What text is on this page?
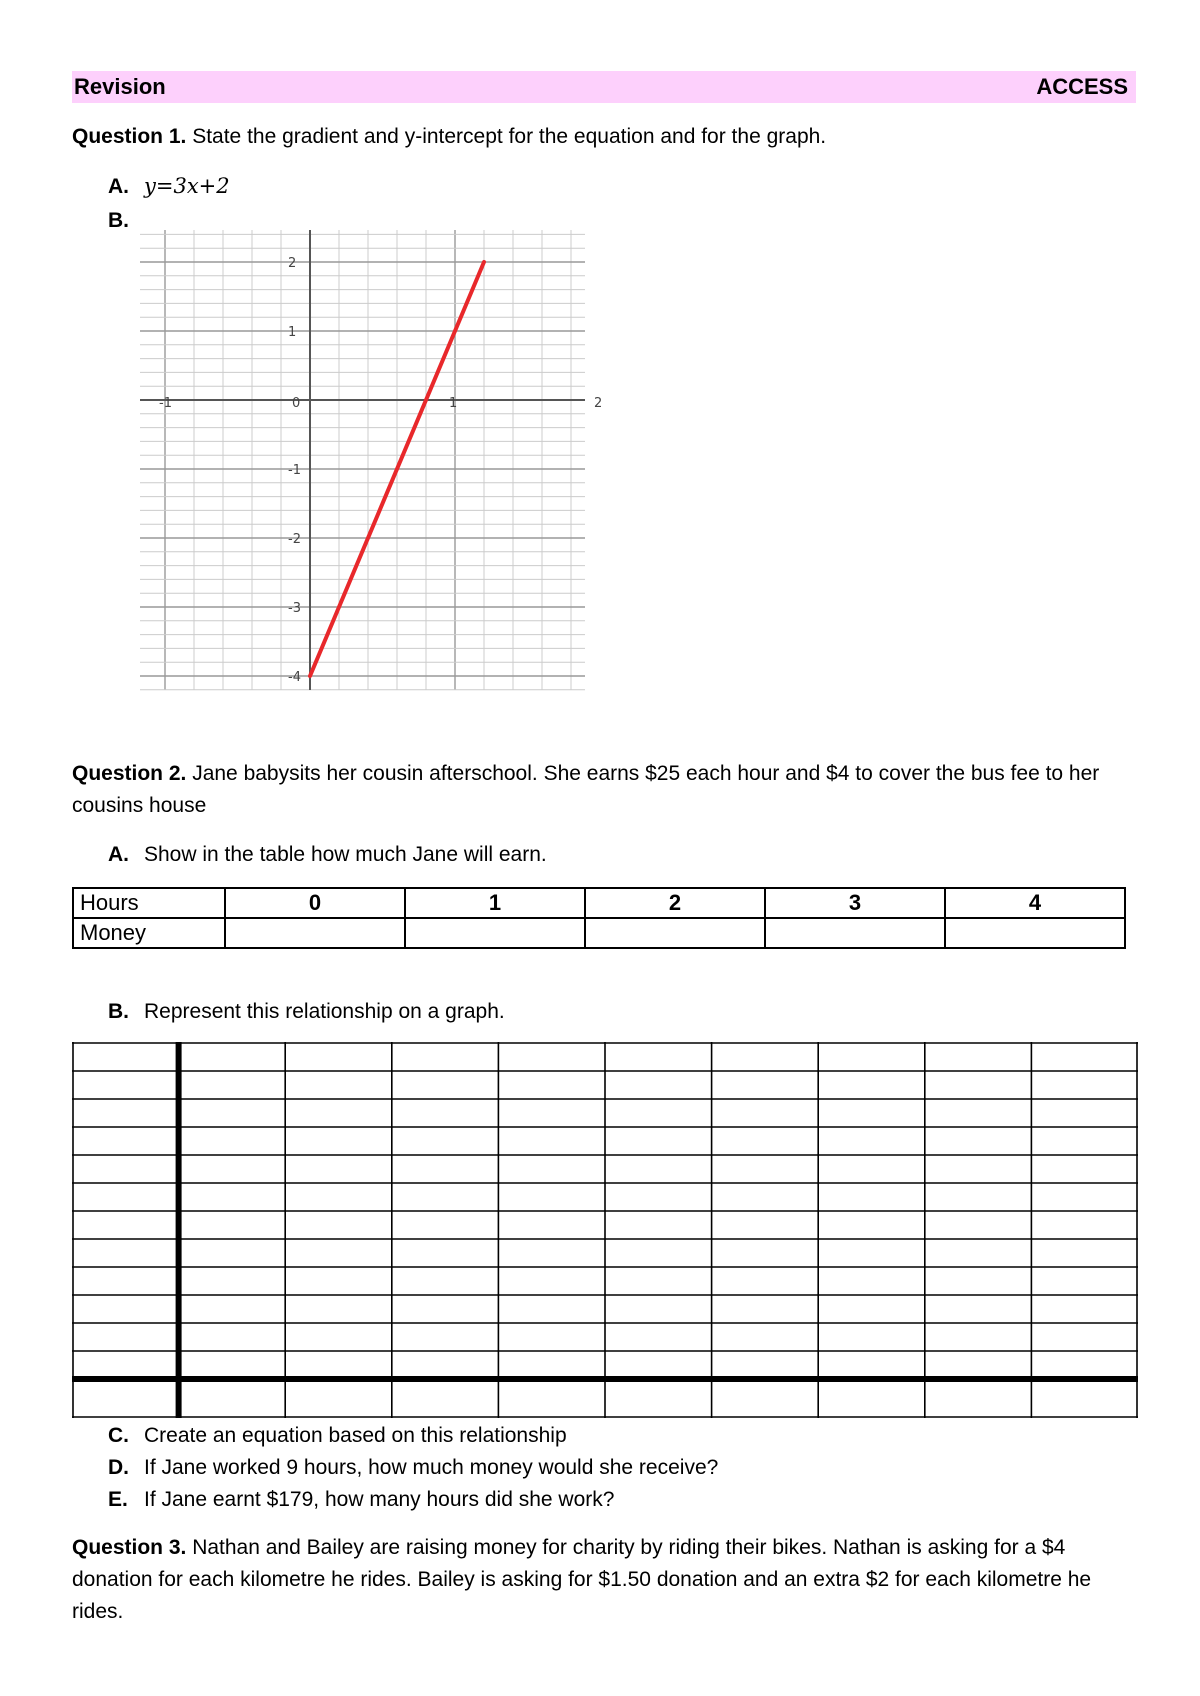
Revision	ACCESS
Question 1. State the gradient and y-intercept for the equation and for the graph.
A. y=3x+2
B.
-1	0	1	2
2
1
-1
-2
-3
-4
Question 2. Jane babysits her cousin afterschool. She earns $25 each hour and $4 to cover the bus fee to her cousins house
A. Show in the table how much Jane will earn.
Hours	0	1	2	3	4
Money					
B. Represent this relationship on a graph.
C. Create an equation based on this relationship
D. If Jane worked 9 hours, how much money would she receive?
E. If Jane earnt $179, how many hours did she work?
Question 3. Nathan and Bailey are raising money for charity by riding their bikes. Nathan is asking for a $4 donation for each kilometre he rides. Bailey is asking for $1.50 donation and an extra $2 for each kilometre he rides.
